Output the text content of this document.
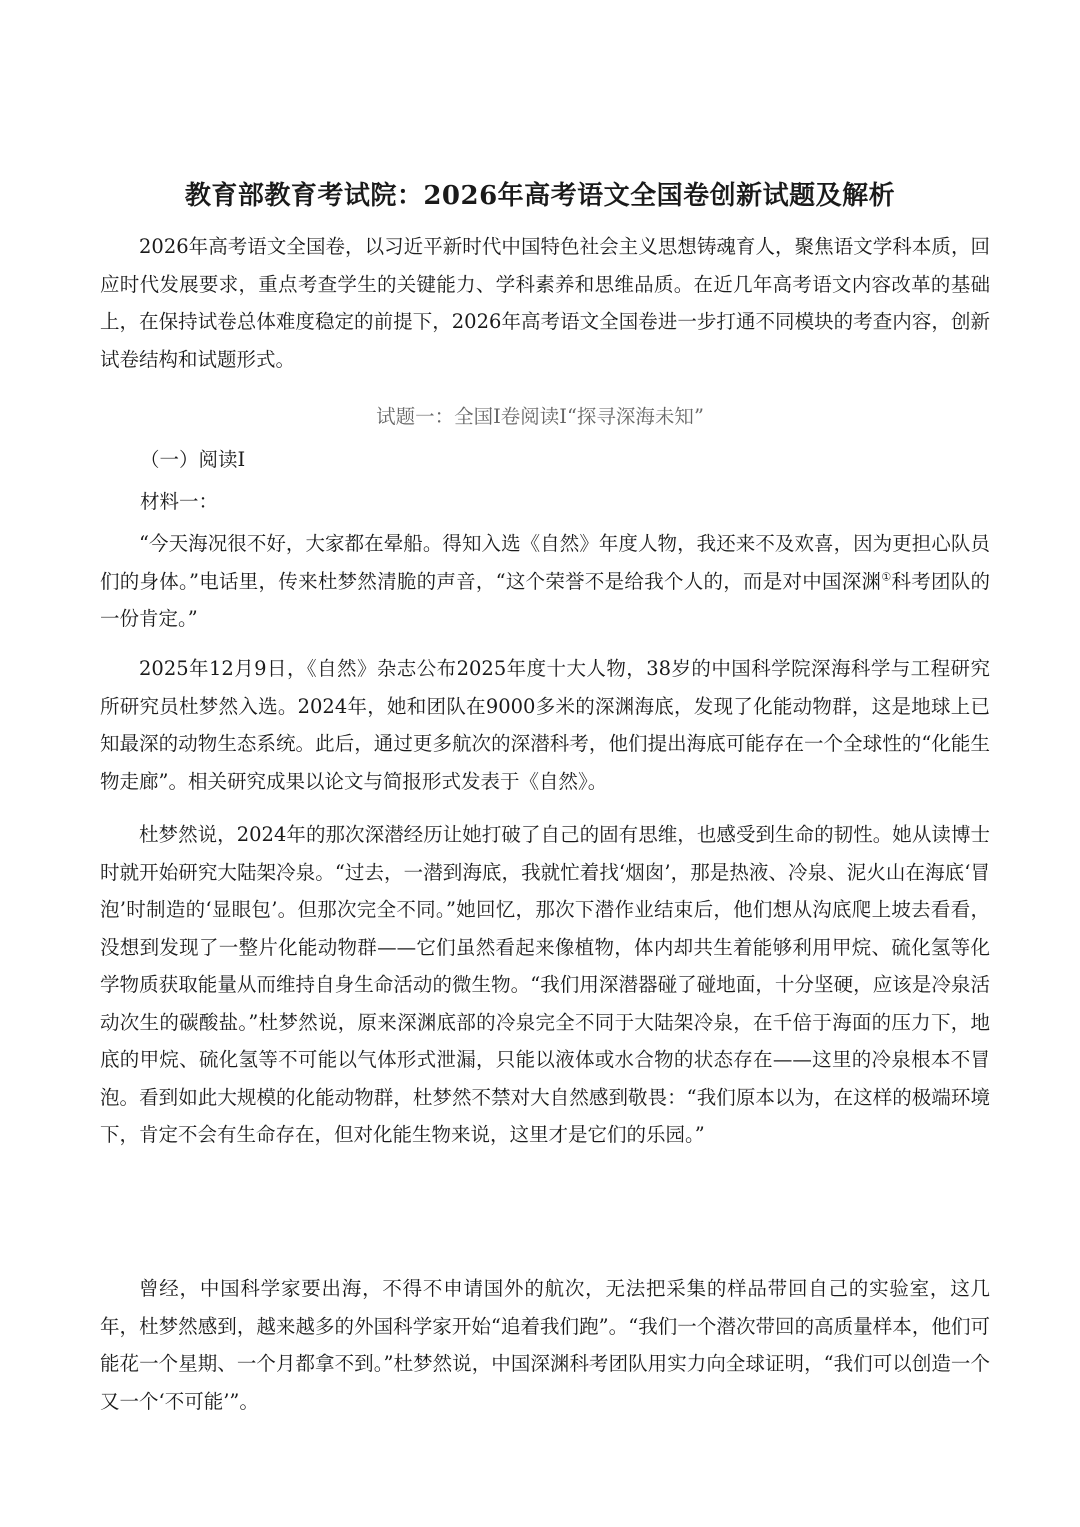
教育部教育考试院：2026年高考语文全国卷创新试题及解析

2026年高考语文全国卷，以习近平新时代中国特色社会主义思想铸魂育人，聚焦语文学科本质，回应时代发展要求，重点考查学生的关键能力、学科素养和思维品质。在近几年高考语文内容改革的基础上，在保持试卷总体难度稳定的前提下，2026年高考语文全国卷进一步打通不同模块的考查内容，创新试卷结构和试题形式。

试题一：全国Ⅰ卷阅读Ⅰ“探寻深海未知”

（一）阅读Ⅰ

材料一：

“今天海况很不好，大家都在晕船。得知入选《自然》年度人物，我还来不及欢喜，因为更担心队员们的身体。”电话里，传来杜梦然清脆的声音，“这个荣誉不是给我个人的，而是对中国深渊①科考团队的一份肯定。”

2025年12月9日，《自然》杂志公布2025年度十大人物，38岁的中国科学院深海科学与工程研究所研究员杜梦然入选。2024年，她和团队在9000多米的深渊海底，发现了化能动物群，这是地球上已知最深的动物生态系统。此后，通过更多航次的深潜科考，他们提出海底可能存在一个全球性的“化能生物走廊”。相关研究成果以论文与简报形式发表于《自然》。

杜梦然说，2024年的那次深潜经历让她打破了自己的固有思维，也感受到生命的韧性。她从读博士时就开始研究大陆架冷泉。“过去，一潜到海底，我就忙着找‘烟囱’，那是热液、冷泉、泥火山在海底‘冒泡’时制造的‘显眼包’。但那次完全不同。”她回忆，那次下潜作业结束后，他们想从沟底爬上坡去看看，没想到发现了一整片化能动物群——它们虽然看起来像植物，体内却共生着能够利用甲烷、硫化氢等化学物质获取能量从而维持自身生命活动的微生物。“我们用深潜器碰了碰地面，十分坚硬，应该是冷泉活动次生的碳酸盐。”杜梦然说，原来深渊底部的冷泉完全不同于大陆架冷泉，在千倍于海面的压力下，地底的甲烷、硫化氢等不可能以气体形式泄漏，只能以液体或水合物的状态存在——这里的冷泉根本不冒泡。看到如此大规模的化能动物群，杜梦然不禁对大自然感到敬畏：“我们原本以为，在这样的极端环境下，肯定不会有生命存在，但对化能生物来说，这里才是它们的乐园。”

曾经，中国科学家要出海，不得不申请国外的航次，无法把采集的样品带回自己的实验室，这几年，杜梦然感到，越来越多的外国科学家开始“追着我们跑”。“我们一个潜次带回的高质量样本，他们可能花一个星期、一个月都拿不到。”杜梦然说，中国深渊科考团队用实力向全球证明，“我们可以创造一个又一个‘不可能’”。
